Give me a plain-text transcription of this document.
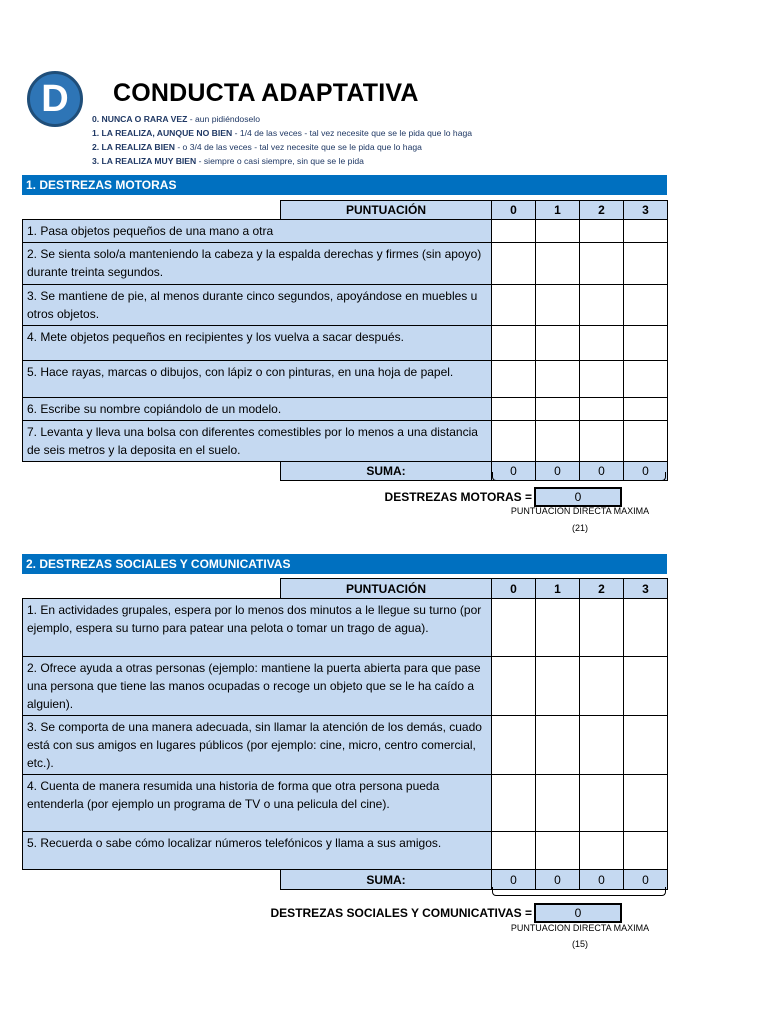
D CONDUCTA ADAPTATIVA
0. NUNCA O RARA VEZ - aun pidiéndoselo
1. LA REALIZA, AUNQUE NO BIEN - 1/4 de las veces - tal vez necesite que se le pida que lo haga
2. LA REALIZA BIEN - o 3/4 de las veces - tal vez necesite que se le pida que lo haga
3. LA REALIZA MUY BIEN - siempre o casi siempre, sin que se le pida
1. DESTREZAS MOTORAS
	PUNTUACIÓN	0	1	2	3
1. Pasa objetos pequeños de una mano a otra					
2. Se sienta solo/a manteniendo la cabeza y la espalda derechas y firmes (sin apoyo) durante treinta segundos.					
3. Se mantiene de pie, al menos durante cinco segundos, apoyándose en muebles u otros objetos.					
4. Mete objetos pequeños en recipientes y los vuelva a sacar después.					
5. Hace rayas, marcas o dibujos, con lápiz o con pinturas, en una hoja de papel.					
6. Escribe su nombre copiándolo de un modelo.					
7. Levanta y lleva una bolsa con diferentes comestibles por lo menos a una distancia de seis metros y la deposita en el suelo.					
	SUMA:	0	0	0	0
DESTREZAS MOTORAS =	0
PUNTUACION DIRECTA MAXIMA
(21)
2. DESTREZAS SOCIALES Y COMUNICATIVAS
	PUNTUACIÓN	0	1	2	3
1. En actividades grupales, espera por lo menos dos minutos a le llegue su turno (por ejemplo, espera su turno para patear una pelota o tomar un trago de agua).					
2. Ofrece ayuda a otras personas (ejemplo: mantiene la puerta abierta para que pase una persona que tiene las manos ocupadas o recoge un objeto que se le ha caído a alguien).					
3. Se comporta de una manera adecuada, sin llamar la atención de los demás, cuado está con sus amigos en lugares públicos (por ejemplo: cine, micro, centro comercial, etc.).					
4. Cuenta de manera resumida una historia de forma que otra persona pueda entenderla (por ejemplo un programa de TV o una pelicula del cine).					
5. Recuerda o sabe cómo localizar números telefónicos y llama a sus amigos.					
	SUMA:	0	0	0	0
DESTREZAS SOCIALES Y COMUNICATIVAS =	0
PUNTUACION DIRECTA MAXIMA
(15)
